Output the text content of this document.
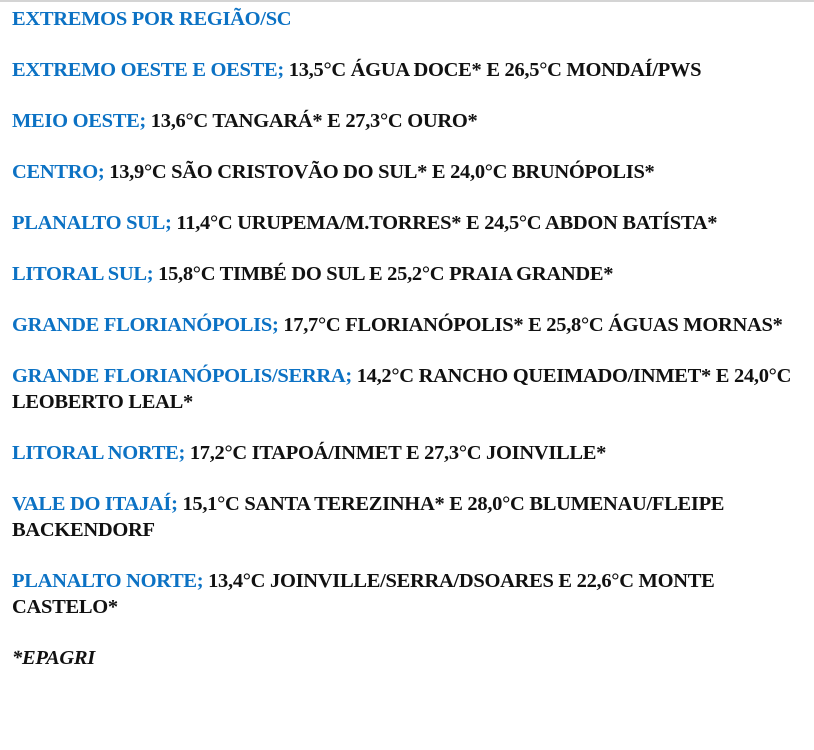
EXTREMOS POR REGIÃO/SC

EXTREMO OESTE E OESTE; 13,5°C ÁGUA DOCE* E 26,5°C MONDAÍ/PWS

MEIO OESTE; 13,6°C TANGARÁ* E 27,3°C OURO*

CENTRO; 13,9°C SÃO CRISTOVÃO DO SUL* E 24,0°C BRUNÓPOLIS*

PLANALTO SUL; 11,4°C URUPEMA/M.TORRES* E 24,5°C ABDON BATÍSTA*

LITORAL SUL; 15,8°C TIMBÉ DO SUL E 25,2°C PRAIA GRANDE*

GRANDE FLORIANÓPOLIS; 17,7°C FLORIANÓPOLIS* E 25,8°C ÁGUAS MORNAS*

GRANDE FLORIANÓPOLIS/SERRA; 14,2°C RANCHO QUEIMADO/INMET* E 24,0°C LEOBERTO LEAL*

LITORAL NORTE; 17,2°C ITAPOÁ/INMET E 27,3°C JOINVILLE*

VALE DO ITAJAÍ; 15,1°C SANTA TEREZINHA* E 28,0°C BLUMENAU/FLEIPE BACKENDORF

PLANALTO NORTE; 13,4°C JOINVILLE/SERRA/DSOARES E 22,6°C MONTE CASTELO*

*EPAGRI
